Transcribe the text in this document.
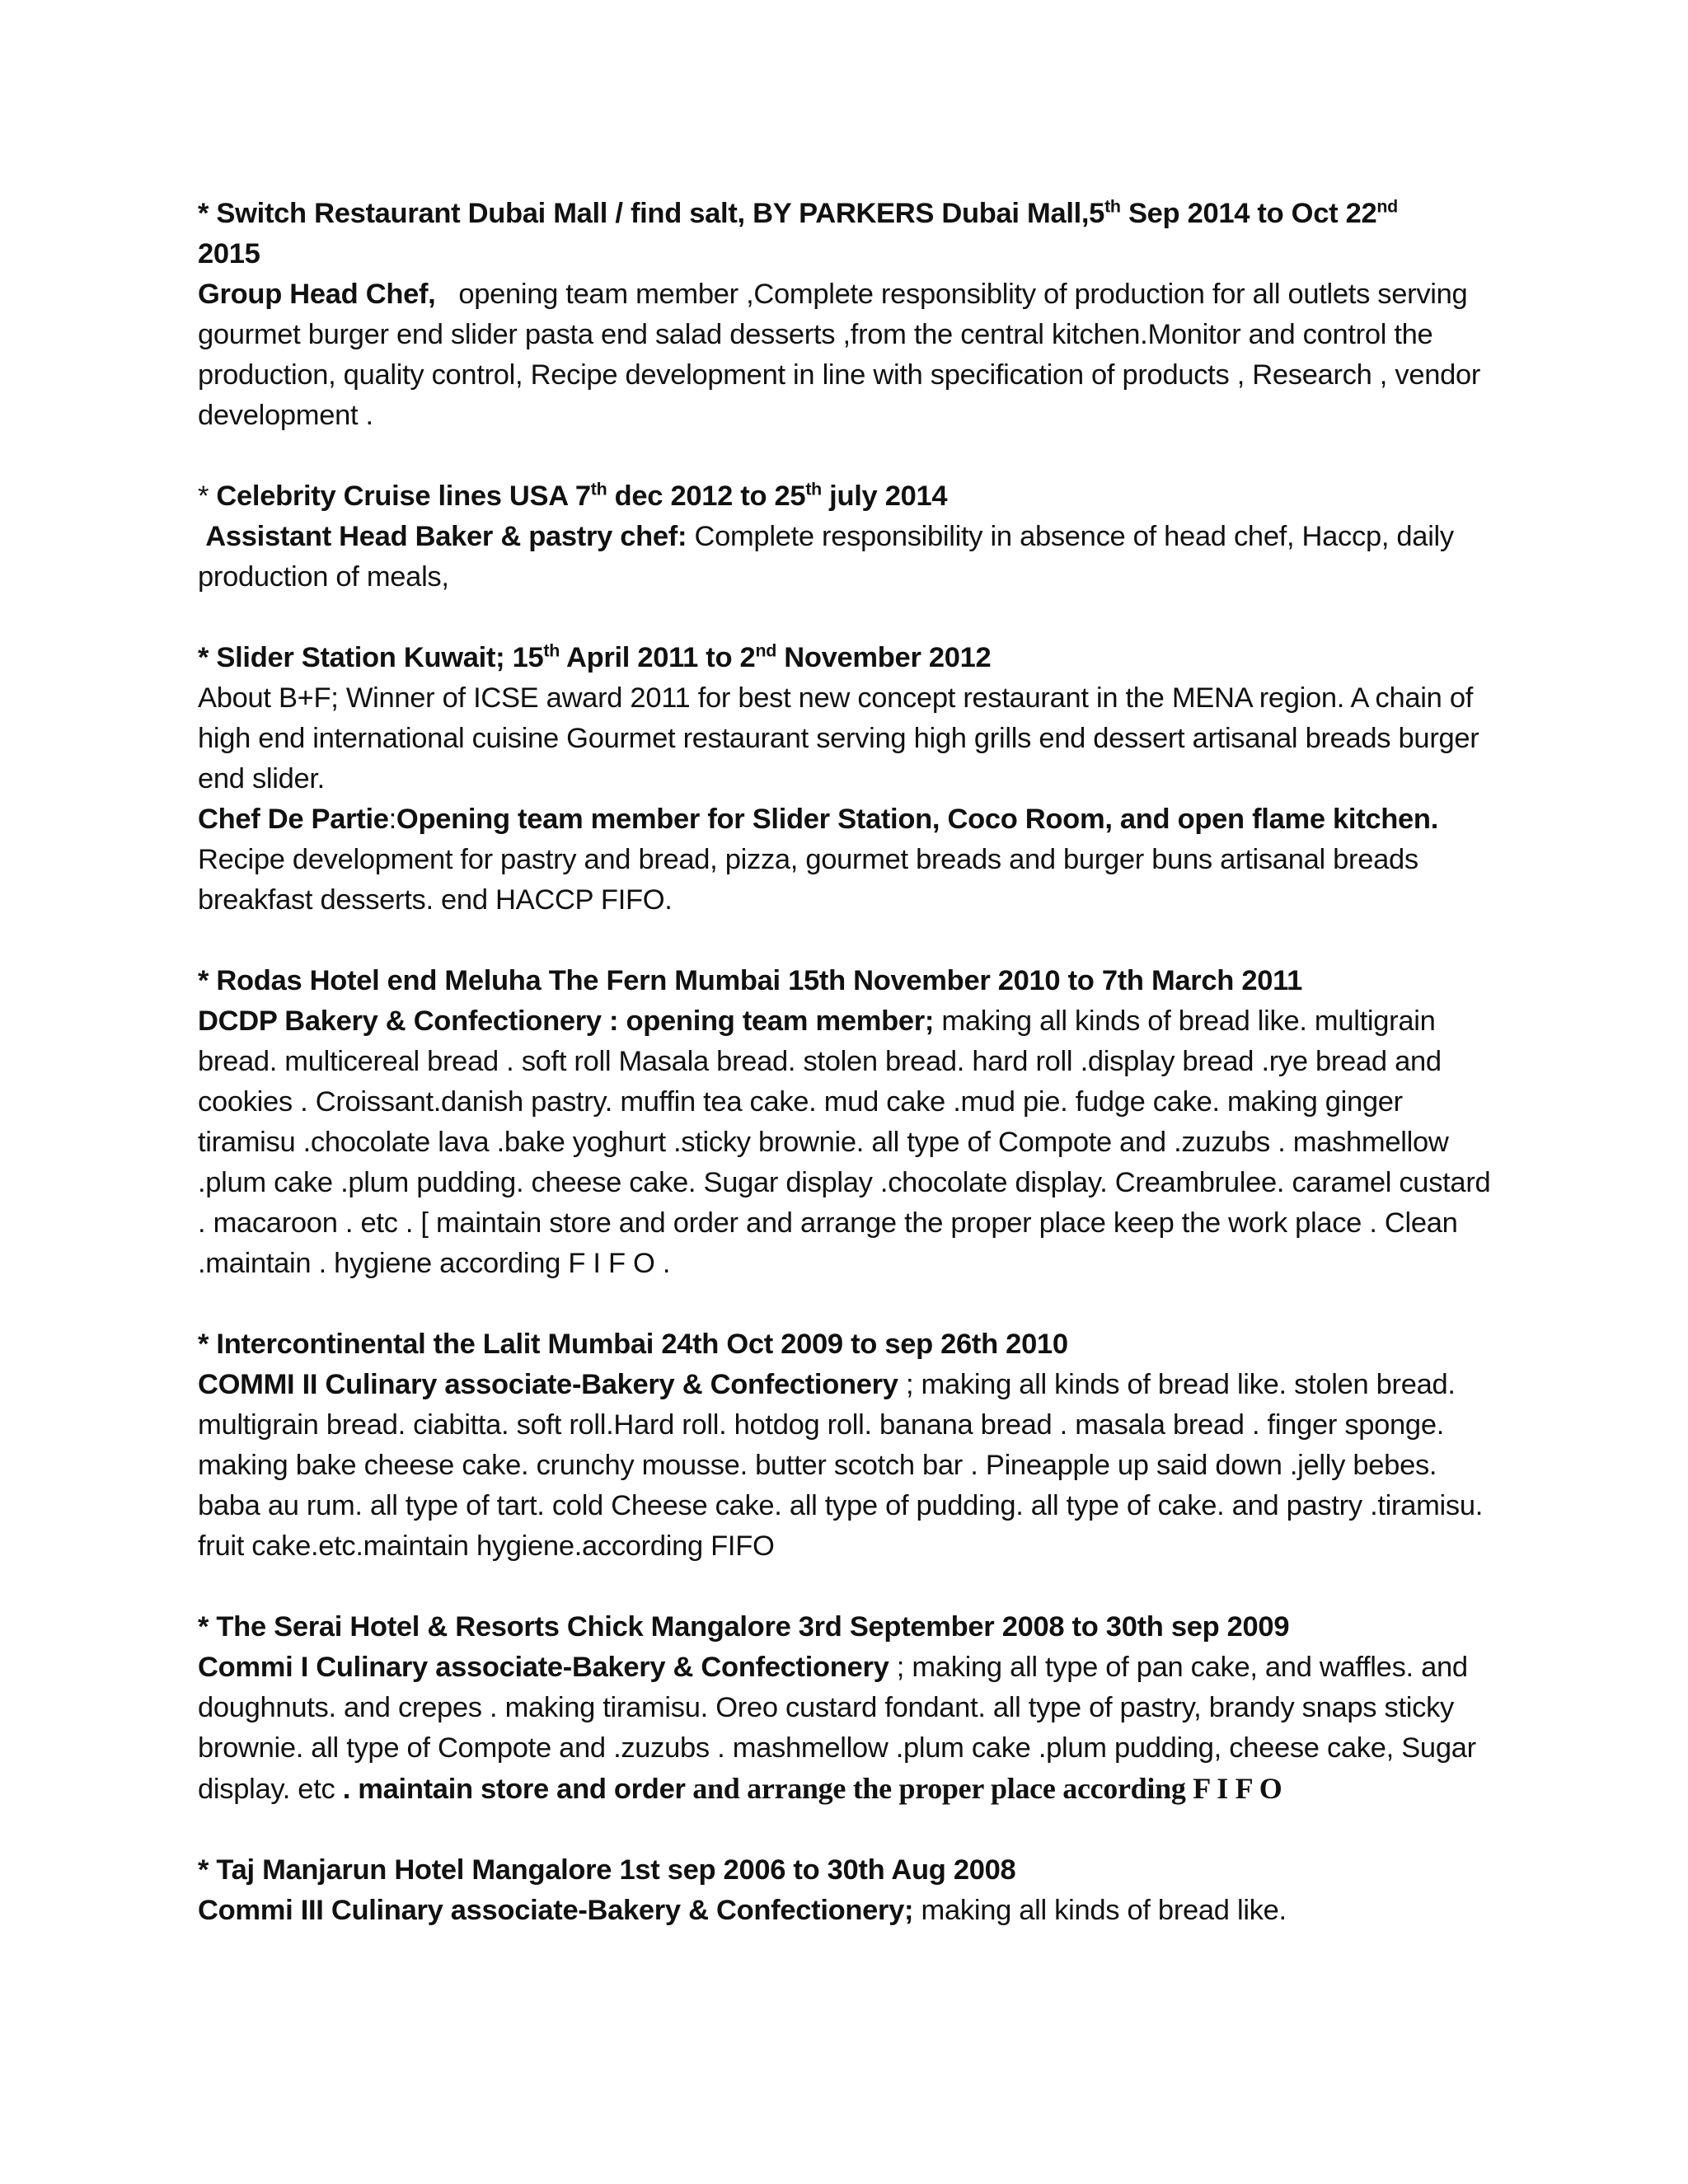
* Switch Restaurant Dubai Mall / find salt, BY PARKERS Dubai Mall,5th Sep 2014 to Oct 22nd
2015

Group Head Chef, opening team member ,Complete responsiblity of production for all outlets serving gourmet burger end slider pasta end salad desserts ,from the central kitchen.Monitor and control the production, quality control, Recipe development in line with specification of products , Research , vendor development .

* Celebrity Cruise lines USA 7th dec 2012 to 25th july 2014

Assistant Head Baker & pastry chef: Complete responsibility in absence of head chef, Haccp, daily production of meals,

* Slider Station Kuwait; 15th April 2011 to 2nd November 2012

About B+F; Winner of ICSE award 2011 for best new concept restaurant in the MENA region. A chain of high end international cuisine Gourmet restaurant serving high grills end dessert artisanal breads burger end slider.

Chef De Partie:Opening team member for Slider Station, Coco Room, and open flame kitchen.

Recipe development for pastry and bread, pizza, gourmet breads and burger buns artisanal breads breakfast desserts. end HACCP FIFO.

* Rodas Hotel end Meluha The Fern Mumbai 15th November 2010 to 7th March 2011

DCDP Bakery & Confectionery : opening team member; making all kinds of bread like. multigrain bread. multicereal bread . soft roll Masala bread. stolen bread. hard roll .display bread .rye bread and cookies . Croissant.danish pastry. muffin tea cake. mud cake .mud pie. fudge cake. making ginger tiramisu .chocolate lava .bake yoghurt .sticky brownie. all type of Compote and .zuzubs . mashmellow .plum cake .plum pudding. cheese cake. Sugar display .chocolate display. Creambrulee. caramel custard . macaroon . etc . [ maintain store and order and arrange the proper place keep the work place . Clean .maintain . hygiene according F I F O .

* Intercontinental the Lalit Mumbai 24th Oct 2009 to sep 26th 2010

COMMI II Culinary associate-Bakery & Confectionery ; making all kinds of bread like. stolen bread. multigrain bread. ciabitta. soft roll.Hard roll. hotdog roll. banana bread . masala bread . finger sponge. making bake cheese cake. crunchy mousse. butter scotch bar . Pineapple up said down .jelly bebes. baba au rum. all type of tart. cold Cheese cake. all type of pudding. all type of cake. and pastry .tiramisu. fruit cake.etc.maintain hygiene.according FIFO

* The Serai Hotel & Resorts Chick Mangalore 3rd September 2008 to 30th sep 2009

Commi I Culinary associate-Bakery & Confectionery ; making all type of pan cake, and waffles. and doughnuts. and crepes . making tiramisu. Oreo custard fondant. all type of pastry, brandy snaps sticky brownie. all type of Compote and .zuzubs . mashmellow .plum cake .plum pudding, cheese cake, Sugar display. etc . maintain store and order and arrange the proper place according F I F O

* Taj Manjarun Hotel Mangalore 1st sep 2006 to 30th Aug 2008

Commi III Culinary associate-Bakery & Confectionery; making all kinds of bread like.
